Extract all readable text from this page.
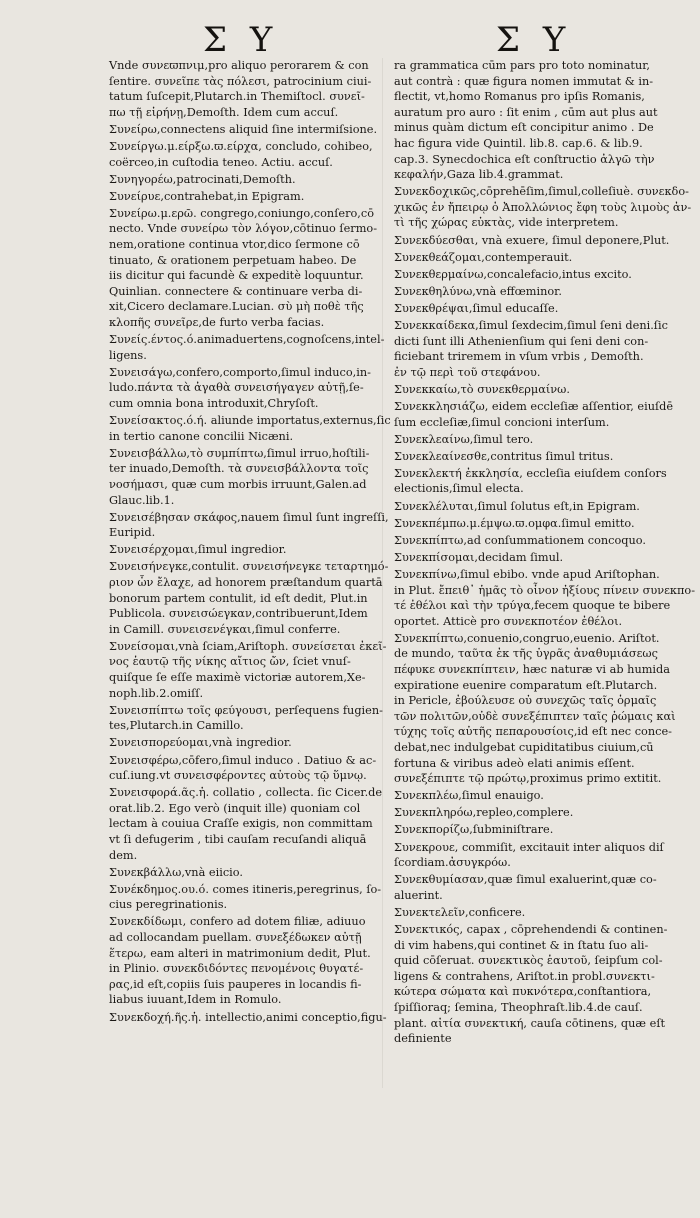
Σ Υ	Σ Υ
Vnde συνεϖπνιμ,pro aliquo perorarem & con
ſentire. συνεῖπε τὰς πόλεσι, patrocinium ciui-
tatum ſuſcepit,Plutarch.in Themiſtocl. συνεῖ-
πω τῇ εἰρήνῃ,Demoſth. Idem cum accuſ.
Συνείρω,connectens aliquid ſine intermiſsione.
Συνείργω.μ.είρξω.ϖ.είρχα, concludo, cohibeo,
coërceo,in cuſtodia teneo. Actiu. accuſ.
Συνηγορέω,patrocinati,Demoſth.
Συνείρυε,contrahebat,in Epigram.
Συνείρω.μ.ερῶ. congrego,coniungo,conſero,cō
necto. Vnde συνείρω τὸν λόγον,cōtinuo ſermo-
nem,oratione continua vtor,dico ſermone cō
tinuato, & orationem perpetuam habeo. De
iis dicitur qui facundè & expeditè loquuntur.
Quinlian. connectere & continuare verba di-
xit,Cicero declamare.Lucian. σὺ μὴ ποθὲ τῆς
κλοπῆς συνεῖρε,de furto verba facias.
Συνείς.έντος.ό.animaduertens,cognoſcens,intel-
ligens.
Συνεισάγω,confero,comporto,ſimul induco,in-
ludo.πάντα τὰ ἀγαθὰ συνεισήγαγεν αὐτῇ,ſe-
cum omnia bona introduxit,Chryſoſt.
Συνείσακτος.ό.ή. aliunde importatus,externus,ſic
in tertio canone concilii Nicæni.
Συνεισβάλλω,τὸ συμπίπτω,ſimul irruo,hoſtili-
ter inuado,Demoſth. τὰ συνεισβάλλοντα τοῖς
νοσήμασι, quæ cum morbis irruunt,Galen.ad
Glauc.lib.1.
Συνεισέβησαν σκάφος,nauem ſimul ſunt ingreſſi,
Euripid.
Συνεισέρχομαι,ſimul ingredior.
Συνεισήνεγκε,contulit. συνεισήνεγκε τεταρτημό-
ριον ὧν ἔλαχε, ad honorem præſtandum quartā
bonorum partem contulit, id eſt dedit, Plut.in
Publicola. συνεισώεγκαν,contribuerunt,Idem
in Camill. συνεισενέγκαι,ſimul conferre.
Συνείσομαι,vnà ſciam,Ariſtoph. συνείσεται ἐκεῖ-
νος ἑαυτῷ τῆς νίκης αἴτιος ὤν, ſciet vnuſ-
quiſque ſe eſſe maximè victoriæ autorem,Xe-
noph.lib.2.omiſſ.
Συνεισπίπτω τοῖς φεύγουσι, perſequens fugien-
tes,Plutarch.in Camillo.
Συνεισπορεύομαι,vnà ingredior.
Συνεισφέρω,cōfero,ſimul induco . Datiuo & ac-
cuſ.iung.vt συνεισφέροντες αὑτοὺς τῷ ὕμνῳ.
Συνεισφορά.ᾶς.ἡ. collatio , collecta. ſic Cicer.de
orat.lib.2. Ego verò (inquit ille) quoniam col
lectam à couiua Craſſe exigis, non committam
vt ſi defugerim , tibi cauſam recuſandi aliquā
dem.
Συνεκβάλλω,vnà eiicio.
Συνέκδημος.ου.ό. comes itineris,peregrinus, ſo-
cius peregrinationis.
Συνεκδίδωμι, confero ad dotem filiæ, adiuuo
ad collocandam puellam. συνεξέδωκεν αὐτῇ
ἕτερω, eam alteri in matrimonium dedit, Plut.
in Plinio. συνεκδιδόντες πενομένοις θυγατέ-
ρας,id eſt,copiis ſuis pauperes in locandis fi-
liabus iuuant,Idem in Romulo.
Συνεκδοχή.ῆς.ἡ. intellectio,animi conceptio,figu-
ra grammatica cūm pars pro toto nominatur,
aut contrà : quæ figura nomen immutat & in-
flectit, vt,homo Romanus pro ipſis Romanis,
auratum pro auro : ſit enim , cūm aut plus aut
minus quàm dictum eſt concipitur animo . De
hac figura vide Quintil. lib.8. cap.6. & lib.9.
cap.3. Synecdochica eſt conſtructio ἀλγῶ τὴν
κεφαλήν,Gaza lib.4.grammat.
Συνεκδοχικῶς,cōprehēſim,ſimul,colleſiuè. συνεκδο-
χικῶς ἐν ἤπειρῳ ὁ Ἀπολλώνιος ἔφη τοὺς λιμοὺς ἀν-
τὶ τῆς χώρας εὐκτὰς, vide interpretem.
Συνεκδύεσθαι, vnà exuere, ſimul deponere,Plut.
Συνεκθεάζομαι,contemperauit.
Συνεκθερμαίνω,concalefacio,intus excito.
Συνεκθηλύνω,vnà effœminor.
Συνεκθρέψαι,ſimul educaſſe.
Συνεκκαίδεκα,ſimul ſexdecim,ſimul ſeni deni.ſic
dicti ſunt illi Athenienſium qui ſeni deni con-
ficiebant triremem in vſum vrbis , Demoſth.
ἐν τῷ περὶ τοῦ στεφάνου.
Συνεκκαίω,τὸ συνεκθερμαίνω.
Συνεκκλησιάζω, eidem eccleſiæ aſſentior, eiuſdē
ſum eccleſiæ,ſimul concioni interſum.
Συνεκλεαίνω,ſimul tero.
Συνεκλεαίνεσθε,contritus ſimul tritus.
Συνεκλεκτή ἐκκλησία, eccleſia eiuſdem conſors
electionis,ſimul electa.
Συνεκλέλυται,ſimul ſolutus eſt,in Epigram.
Συνεκπέμπω.μ.έμψω.ϖ.ομφα.ſimul emitto.
Συνεκπίπτω,ad conſummationem concoquo.
Συνεκπίσομαι,decidam ſimul.
Συνεκπίνω,ſimul ebibo. vnde apud Ariſtophan.
in Plut. ἔπειθ᾽ ἡμᾶς τὸ οἶνον ἠξίους πίνειν συνεκπο-
τέ ἐθέλοι καὶ τὴν τρύγα,fecem quoque te bibere
oportet. Atticè pro συνεκποτέον ἐθέλοι.
Συνεκπίπτω,conuenio,congruo,euenio. Ariſtot.
de mundo, ταῦτα ἐκ τῆς ὑγρᾶς ἀναθυμιάσεως
πέφυκε συνεκπίπτειν, hæc naturæ vi ab humida
expiratione euenire comparatum eſt.Plutarch.
in Pericle, ἐβούλευσε οὐ συνεχῶς ταῖς ὁρμαῖς
τῶν πολιτῶν,οὐδὲ συνεξέπιπτεν ταῖς ῥώμαις καὶ
τύχης τοῖς αὐτῆς πεπαρουσίοις,id eſt nec conce-
debat,nec indulgebat cupiditatibus ciuium,cū
fortuna & viribus adeò elati animis eſſent.
συνεξέπιπτε τῷ πρώτῳ,proximus primo extitit.
Συνεκπλέω,ſimul enauigo.
Συνεκπληρόω,repleo,complere.
Συνεκπορίζω,ſubminiſtrare.
Συνεκρουε, commiſit, excitauit inter aliquos diſ
ſcordiam.ἀσυγκρόω.
Συνεκθυμίασαν,quæ ſimul exaluerint,quæ co-
aluerint.
Συνεκτελεῖν,conficere.
Συνεκτικός, capax , cōprehendendi & continen-
di vim habens,qui continet & in ſtatu ſuo ali-
quid cōſeruat. συνεκτικὸς ἑαυτοῦ, ſeipſum col-
ligens & contrahens, Ariſtot.in probl.συνεκτι-
κώτερα σώματα καὶ πυκνότερα,conſtantiora,
ſpiſſioraq; ſemina, Theophraſt.lib.4.de cauſ.
plant. αἰτία συνεκτική, cauſa cōtinens, quæ eſt
definiente
